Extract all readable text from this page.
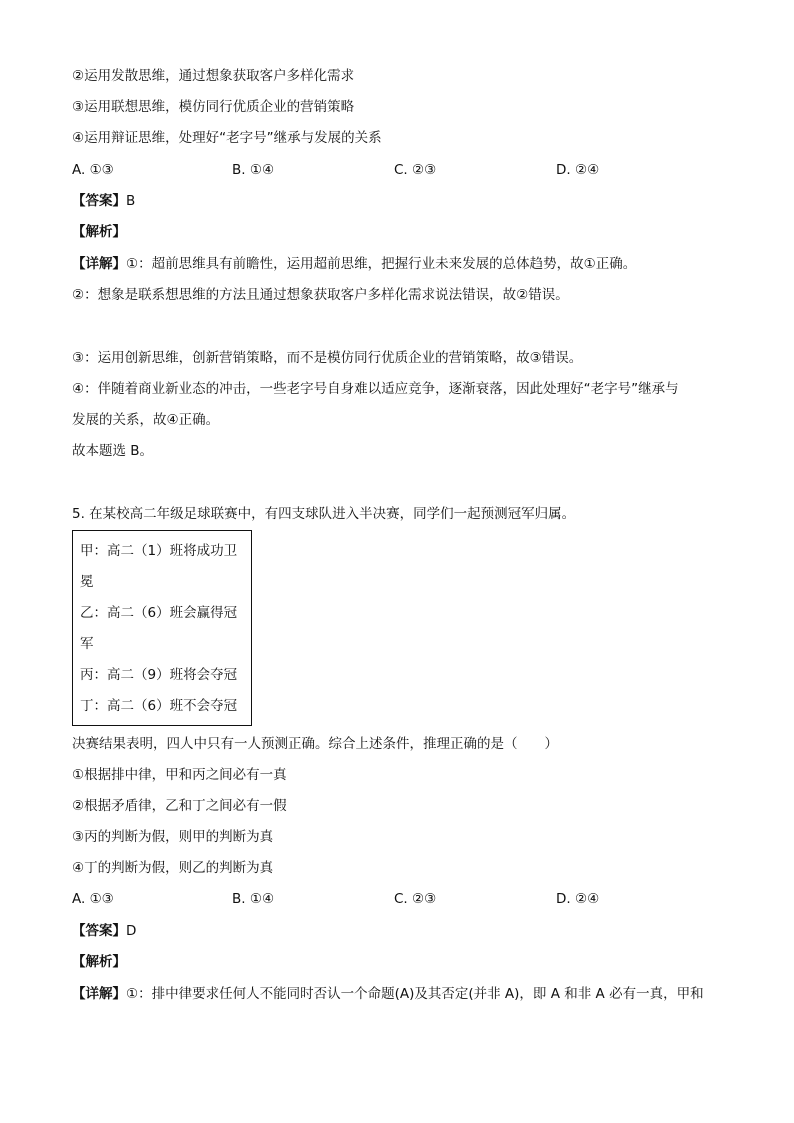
②运用发散思维，通过想象获取客户多样化需求
③运用联想思维，模仿同行优质企业的营销策略
④运用辩证思维，处理好“老字号”继承与发展的关系
A. ①③	B. ①④	C. ②③	D. ②④
【答案】B
【解析】
【详解】①：超前思维具有前瞻性，运用超前思维，把握行业未来发展的总体趋势，故①正确。
②：想象是联系想思维的方法且通过想象获取客户多样化需求说法错误，故②错误。
③：运用创新思维，创新营销策略，而不是模仿同行优质企业的营销策略，故③错误。
④：伴随着商业新业态的冲击，一些老字号自身难以适应竞争，逐渐衰落，因此处理好“老字号”继承与
发展的关系，故④正确。
故本题选 B。
5. 在某校高二年级足球联赛中，有四支球队进入半决赛，同学们一起预测冠军归属。
甲：高二（1）班将成功卫
冕
乙：高二（6）班会赢得冠
军
丙：高二（9）班将会夺冠
丁：高二（6）班不会夺冠
决赛结果表明，四人中只有一人预测正确。综合上述条件，推理正确的是（　　）
①根据排中律，甲和丙之间必有一真
②根据矛盾律，乙和丁之间必有一假
③丙的判断为假，则甲的判断为真
④丁的判断为假，则乙的判断为真
A. ①③	B. ①④	C. ②③	D. ②④
【答案】D
【解析】
【详解】①：排中律要求任何人不能同时否认一个命题(A)及其否定(并非 A)，即 A 和非 A 必有一真，甲和
